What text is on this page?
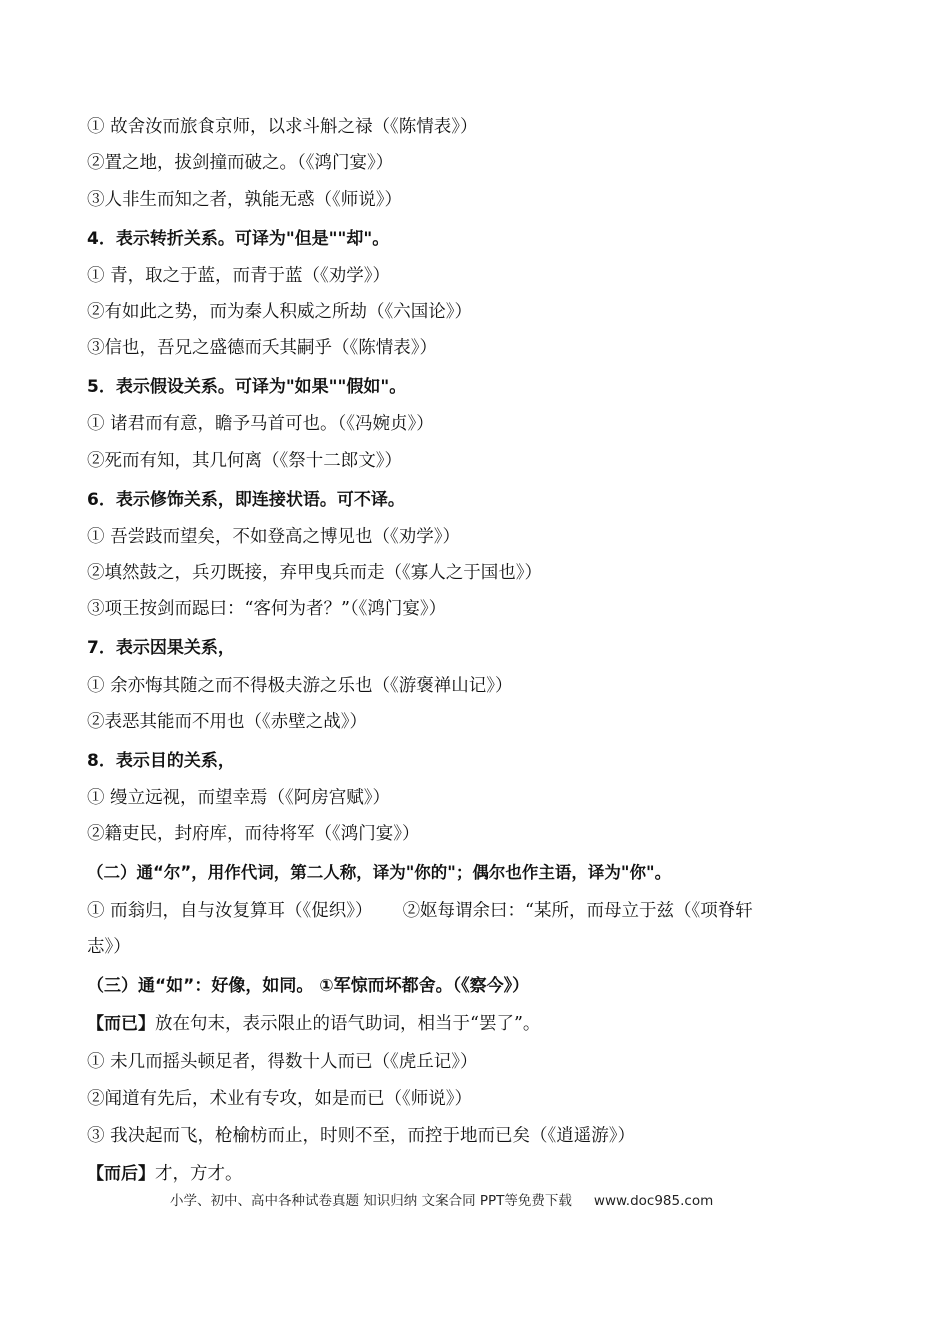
① 故舍汝而旅食京师，以求斗斛之禄（《陈情表》）
②置之地，拔剑撞而破之。（《鸿门宴》）
③人非生而知之者，孰能无惑（《师说》）
4．表示转折关系。可译为"但是""却"。
① 青，取之于蓝，而青于蓝（《劝学》）
②有如此之势，而为秦人积威之所劫（《六国论》）
③信也，吾兄之盛德而夭其嗣乎（《陈情表》）
5．表示假设关系。可译为"如果""假如"。
① 诸君而有意，瞻予马首可也。（《冯婉贞》）
②死而有知，其几何离（《祭十二郎文》）
6．表示修饰关系，即连接状语。可不译。
① 吾尝跂而望矣，不如登高之博见也（《劝学》）
②填然鼓之，兵刃既接，弃甲曳兵而走（《寡人之于国也》）
③项王按剑而跽曰：“客何为者？”（《鸿门宴》）
7．表示因果关系，
① 余亦悔其随之而不得极夫游之乐也（《游褒禅山记》）
②表恶其能而不用也（《赤壁之战》）
8．表示目的关系，
① 缦立远视，而望幸焉（《阿房宫赋》）
②籍吏民，封府库，而待将军（《鸿门宴》）
（二）通“尔”，用作代词，第二人称，译为"你的"；偶尔也作主语，译为"你"。
① 而翁归，自与汝复算耳（《促织》） ②妪每谓余曰：“某所，而母立于兹（《项脊轩
志》）
（三）通“如”：好像，如同。 ①军惊而坏都舍。（《察今》）
【而已】放在句末，表示限止的语气助词，相当于“罢了”。
① 未几而摇头顿足者，得数十人而已（《虎丘记》）
②闻道有先后，术业有专攻，如是而已（《师说》）
③ 我决起而飞，枪榆枋而止，时则不至，而控于地而已矣（《逍遥游》）
【而后】才，方才。
小学、初中、高中各种试卷真题 知识归纳 文案合同 PPT等免费下载 www.doc985.com
